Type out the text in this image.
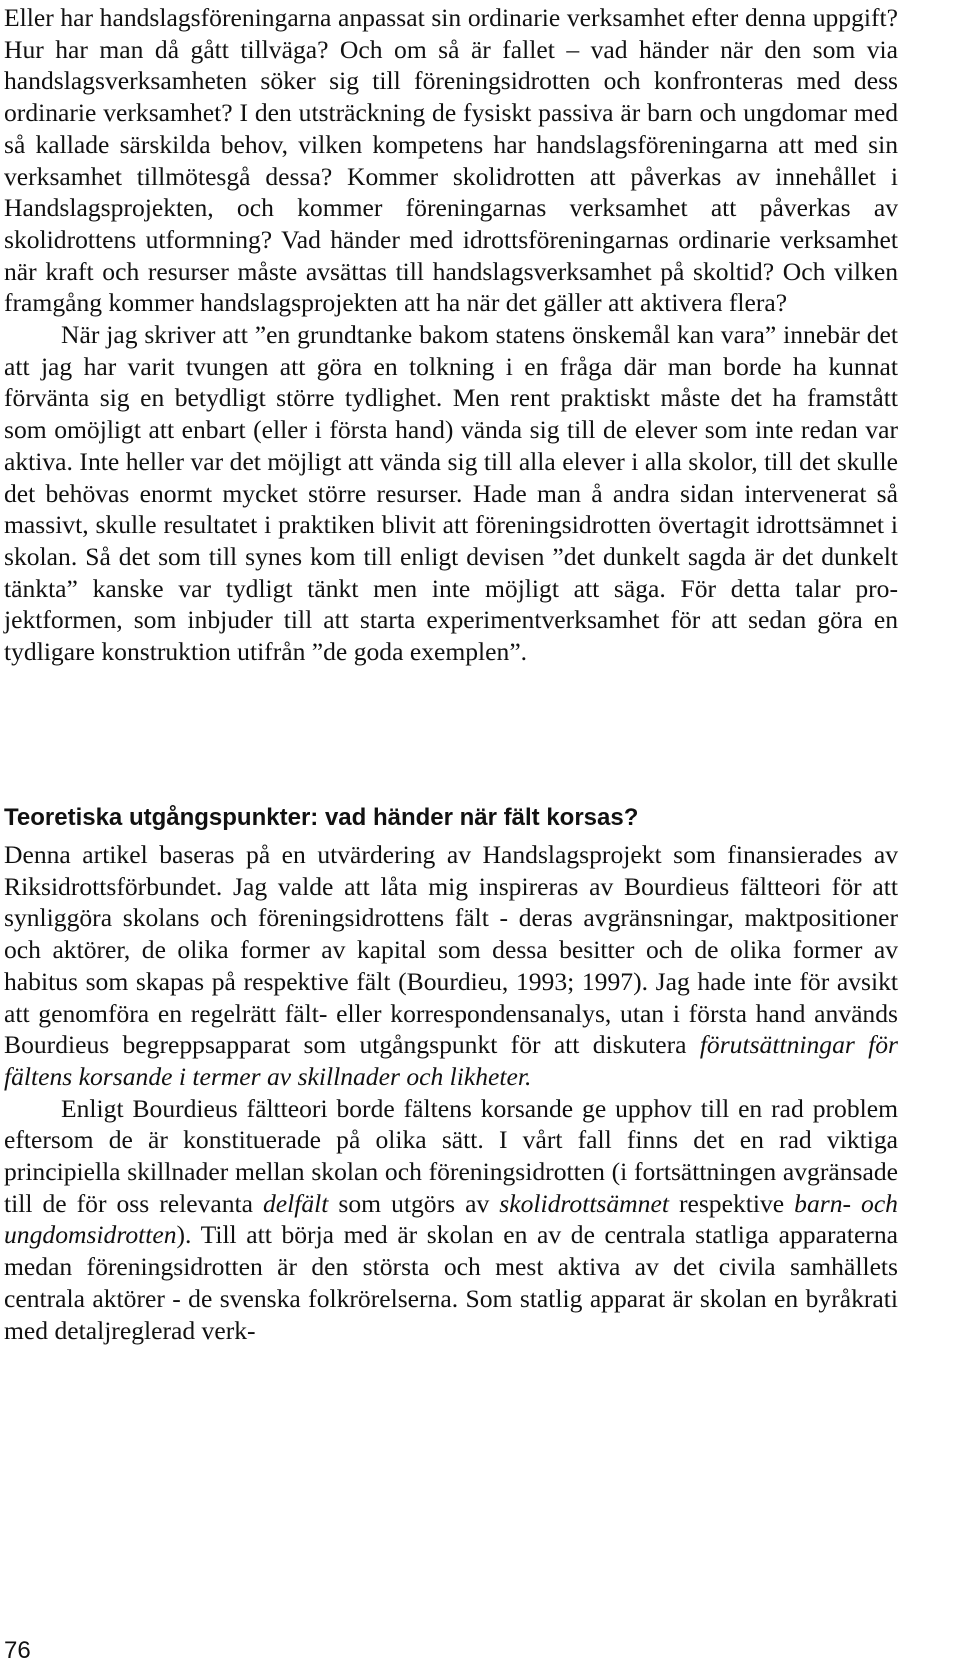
Eller har handslagsföreningarna anpassat sin ordinarie verksamhet efter denna uppgift? Hur har man då gått tillväga? Och om så är fallet – vad händer när den som via handslagsverksamheten söker sig till föreningsidrotten och konfronteras med dess ordinarie verksamhet? I den utsträckning de fysiskt passiva är barn och ungdomar med så kallade särskilda behov, vilken kompetens har handslagsföreningarna att med sin verksamhet tillmötesgå dessa? Kommer skolidrotten att påverkas av innehållet i Handslagsprojekten, och kommer föreningarnas verksamhet att påverkas av skolidrottens utformning? Vad händer med idrottsföreningarnas ordinarie verksamhet när kraft och resurser måste avsättas till handslagsverksamhet på skoltid? Och vilken framgång kommer handslagsprojekten att ha när det gäller att aktivera flera?

När jag skriver att ”en grundtanke bakom statens önskemål kan vara” innebär det att jag har varit tvungen att göra en tolkning i en fråga där man borde ha kunnat förvänta sig en betydligt större tydlighet. Men rent praktiskt måste det ha framstått som omöjligt att enbart (eller i första hand) vända sig till de elever som inte redan var aktiva. Inte heller var det möjligt att vända sig till alla elever i alla skolor, till det skulle det behövas enormt mycket större resurser. Hade man å andra sidan intervenerat så massivt, skulle resultatet i praktiken blivit att föreningsidrotten övertagit idrottsämnet i skolan. Så det som till synes kom till enligt devisen ”det dunkelt sagda är det dunkelt tänkta” kanske var tydligt tänkt men inte möjligt att säga. För detta talar projektformen, som inbjuder till att starta experimentverksamhet för att sedan göra en tydligare konstruktion utifrån ”de goda exemplen”.

Teoretiska utgångspunkter: vad händer när fält korsas?

Denna artikel baseras på en utvärdering av Handslagsprojekt som finansierades av Riksidrottsförbundet. Jag valde att låta mig inspireras av Bourdieus fältteori för att synliggöra skolans och föreningsidrottens fält - deras avgränsningar, maktpositioner och aktörer, de olika former av kapital som dessa besitter och de olika former av habitus som skapas på respektive fält (Bourdieu, 1993; 1997). Jag hade inte för avsikt att genomföra en regelrätt fält- eller korrespondensanalys, utan i första hand används Bourdieus begreppsapparat som utgångspunkt för att diskutera förutsättningar för fältens korsande i termer av skillnader och likheter.

Enligt Bourdieus fältteori borde fältens korsande ge upphov till en rad problem eftersom de är konstituerade på olika sätt. I vårt fall finns det en rad viktiga principiella skillnader mellan skolan och föreningsidrotten (i fortsättningen avgränsade till de för oss relevanta delfält som utgörs av skolidrottsämnet respektive barn- och ungdomsidrotten). Till att börja med är skolan en av de centrala statliga apparaterna medan föreningsidrotten är den största och mest aktiva av det civila samhällets centrala aktörer - de svenska folkrörelserna. Som statlig apparat är skolan en byråkrati med detaljreglerad verk-

76
